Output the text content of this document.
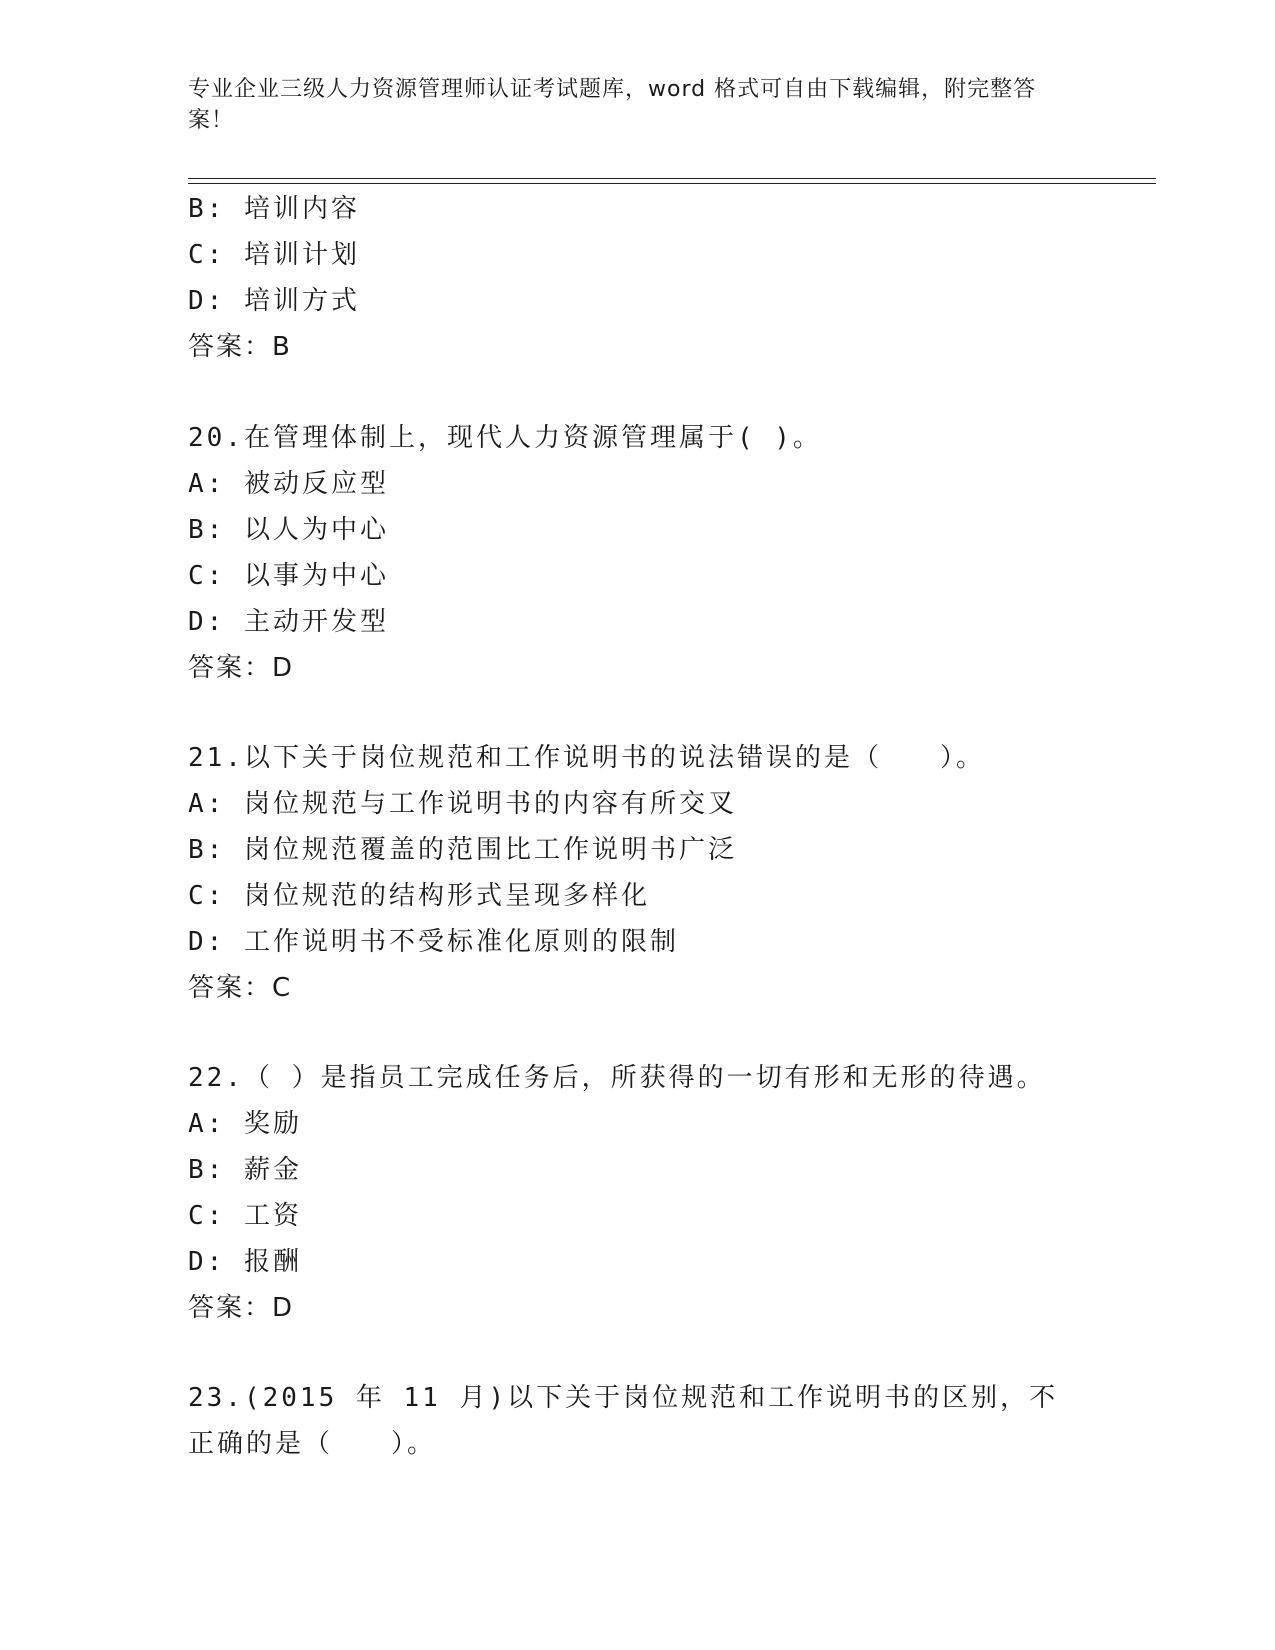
专业企业三级人力资源管理师认证考试题库，word 格式可自由下载编辑，附完整答案！
B: 培训内容
C: 培训计划
D: 培训方式
答案：B
20.在管理体制上，现代人力资源管理属于( )。
A: 被动反应型
B: 以人为中心
C: 以事为中心
D: 主动开发型
答案：D
21.以下关于岗位规范和工作说明书的说法错误的是（　　）。
A: 岗位规范与工作说明书的内容有所交叉
B: 岗位规范覆盖的范围比工作说明书广泛
C: 岗位规范的结构形式呈现多样化
D: 工作说明书不受标准化原则的限制
答案：C
22.（ ）是指员工完成任务后，所获得的一切有形和无形的待遇。
A: 奖励
B: 薪金
C: 工资
D: 报酬
答案：D
23.(2015 年 11 月)以下关于岗位规范和工作说明书的区别，不正确的是（　　）。
